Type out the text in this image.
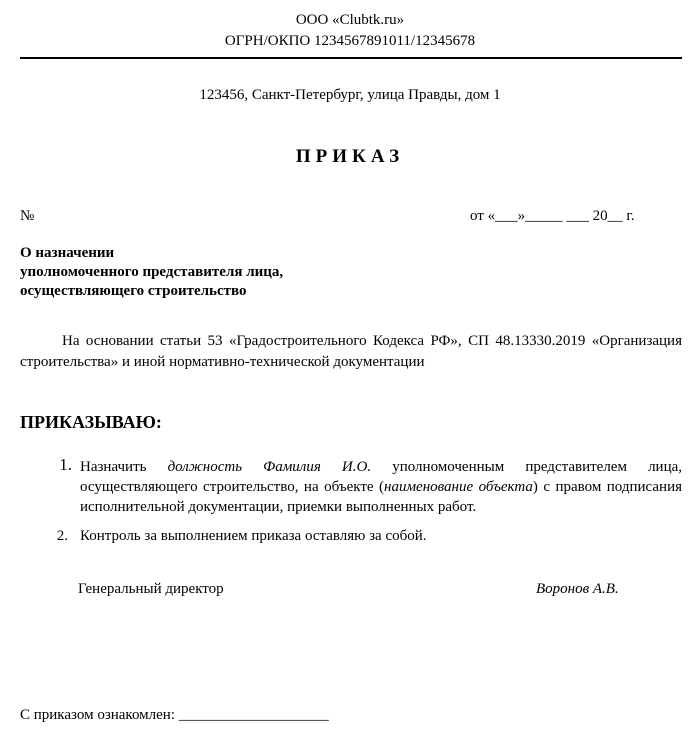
ООО «Clubtk.ru»
ОГРН/ОКПО 1234567891011/12345678
123456, Санкт-Петербург, улица Правды, дом 1
ПРИКАЗ
№	от «___»_____ ___ 20__ г.
О назначении
уполномоченного представителя лица,
осуществляющего строительство
На основании статьи 53 «Градостроительного Кодекса РФ», СП 48.13330.2019 «Организация строительства» и иной нормативно-технической документации
ПРИКАЗЫВАЮ:
1. Назначить должность Фамилия И.О. уполномоченным представителем лица, осуществляющего строительство, на объекте (наименование объекта) с правом подписания исполнительной документации, приемки выполненных работ.
2. Контроль за выполнением приказа оставляю за собой.
Генеральный директор	Воронов А.В.
С приказом ознакомлен: ____________________
